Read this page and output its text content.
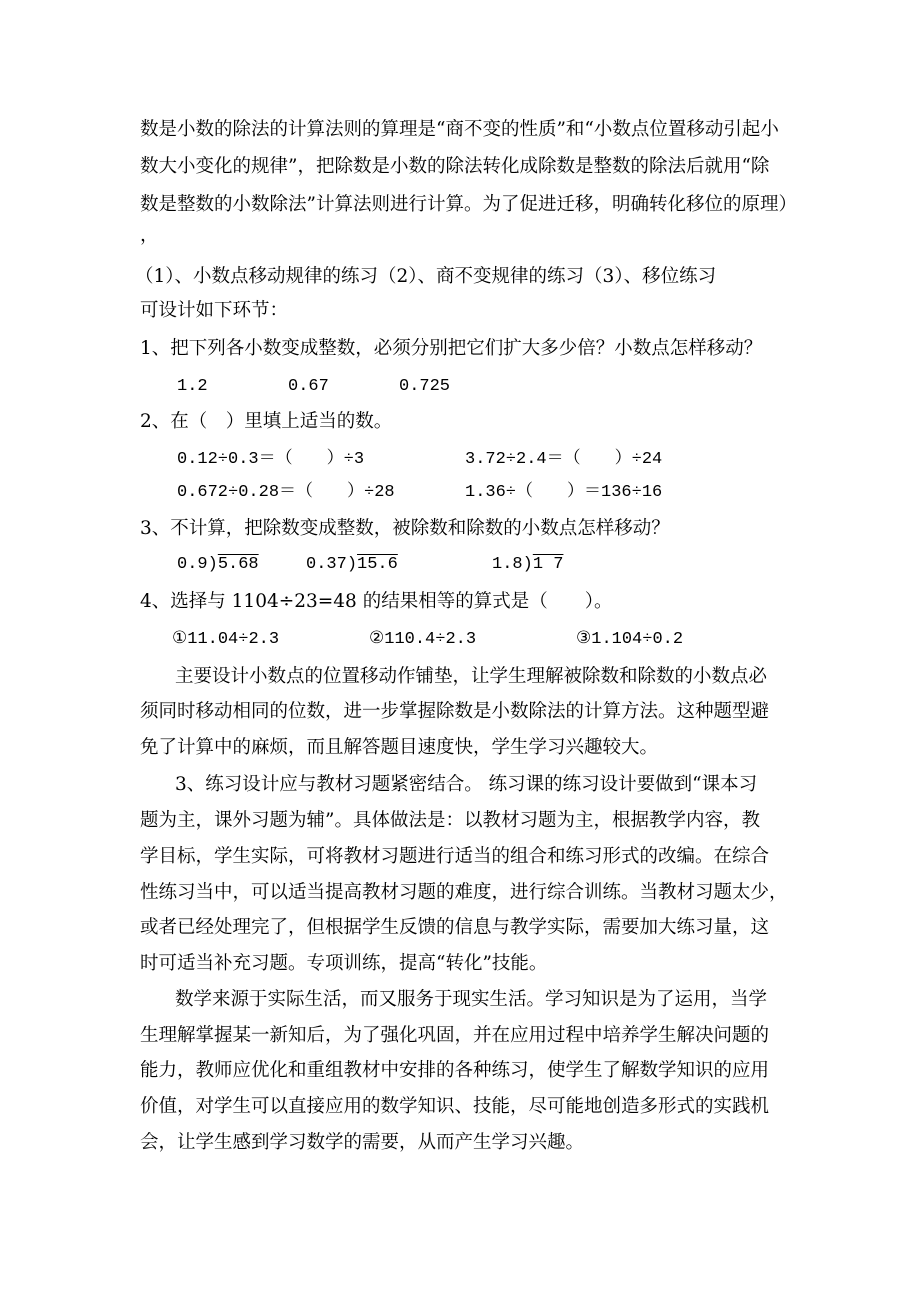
数是小数的除法的计算法则的算理是“商不变的性质”和“小数点位置移动引起小
数大小变化的规律”，把除数是小数的除法转化成除数是整数的除法后就用“除
数是整数的小数除法”计算法则进行计算。为了促进迁移，明确转化移位的原理）
，
（1）、小数点移动规律的练习（2）、商不变规律的练习（3）、移位练习
可设计如下环节：
1、把下列各小数变成整数，必须分别把它们扩大多少倍？小数点怎样移动？
1.2	0.67	0.725
2、在（　）里填上适当的数。
0.12÷0.3＝（　　）÷3	3.72÷2.4＝（　　）÷24
0.672÷0.28＝（　　）÷28	1.36÷（　　）＝136÷16
3、不计算，把除数变成整数，被除数和除数的小数点怎样移动？
0.9)5.68	0.37)15.6	1.8)1 7
4、选择与 1104÷23=48 的结果相等的算式是（　　）。
①11.04÷2.3	②110.4÷2.3	③1.104÷0.2
主要设计小数点的位置移动作铺垫，让学生理解被除数和除数的小数点必
须同时移动相同的位数，进一步掌握除数是小数除法的计算方法。这种题型避
免了计算中的麻烦，而且解答题目速度快，学生学习兴趣较大。
3、练习设计应与教材习题紧密结合。 练习课的练习设计要做到“课本习
题为主，课外习题为辅”。具体做法是：以教材习题为主，根据教学内容，教
学目标，学生实际，可将教材习题进行适当的组合和练习形式的改编。在综合
性练习当中，可以适当提高教材习题的难度，进行综合训练。当教材习题太少，
或者已经处理完了，但根据学生反馈的信息与教学实际，需要加大练习量，这
时可适当补充习题。专项训练，提高“转化”技能。
数学来源于实际生活，而又服务于现实生活。学习知识是为了运用，当学
生理解掌握某一新知后，为了强化巩固，并在应用过程中培养学生解决问题的
能力，教师应优化和重组教材中安排的各种练习，使学生了解数学知识的应用
价值，对学生可以直接应用的数学知识、技能，尽可能地创造多形式的实践机
会，让学生感到学习数学的需要，从而产生学习兴趣。
